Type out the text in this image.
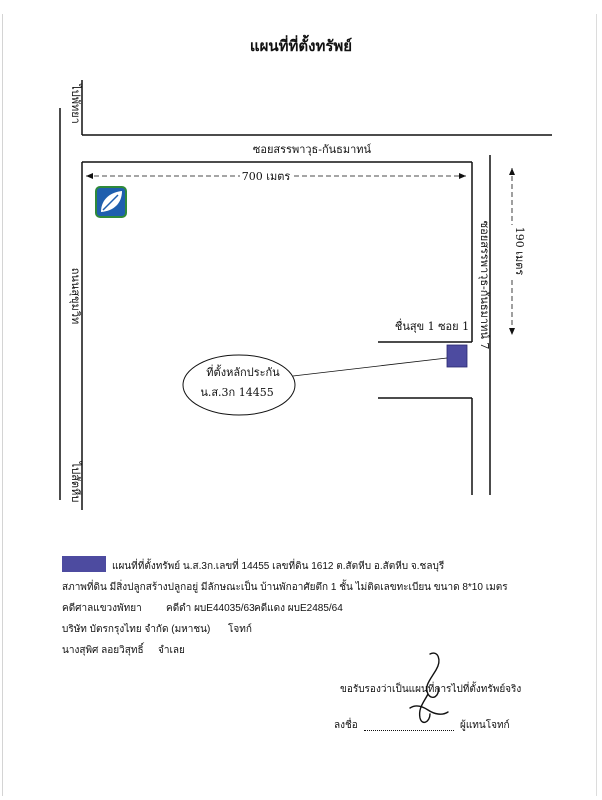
แผนที่ที่ตั้งทรัพย์
700 เมตร
190 เมตร
ซอยสรรพาวุธ-กันธมาทน์
ไปพัทยา
ถนนสุขุมวิท
ไปสัตหีบ
ซอยสรรพาวุธ-กันธมาทน์ 7
ชื่นสุข 1 ซอย 1
ที่ตั้งหลักประกัน
น.ส.3ก 14455
แผนที่ที่ตั้งทรัพย์ น.ส.3ก.เลขที่ 14455 เลขที่ดิน 1612 ต.สัตหีบ อ.สัตหีบ จ.ชลบุรี
สภาพที่ดิน มีสิ่งปลูกสร้างปลูกอยู่ มีลักษณะเป็น บ้านพักอาศัยตึก 1 ชั้น ไม่ติดเลขทะเบียน ขนาด 8*10 เมตร
คดีศาลแขวงพัทยา คดีดำ ผบE44035/63 คดีแดง ผบE2485/64
บริษัท บัตรกรุงไทย จำกัด (มหาชน) โจทก์
นางสุพิศ ลอยวิสุทธิ์ จำเลย
ขอรับรองว่าเป็นแผนที่การไปที่ตั้งทรัพย์จริง
ลงชื่อ	ผู้แทนโจทก์
